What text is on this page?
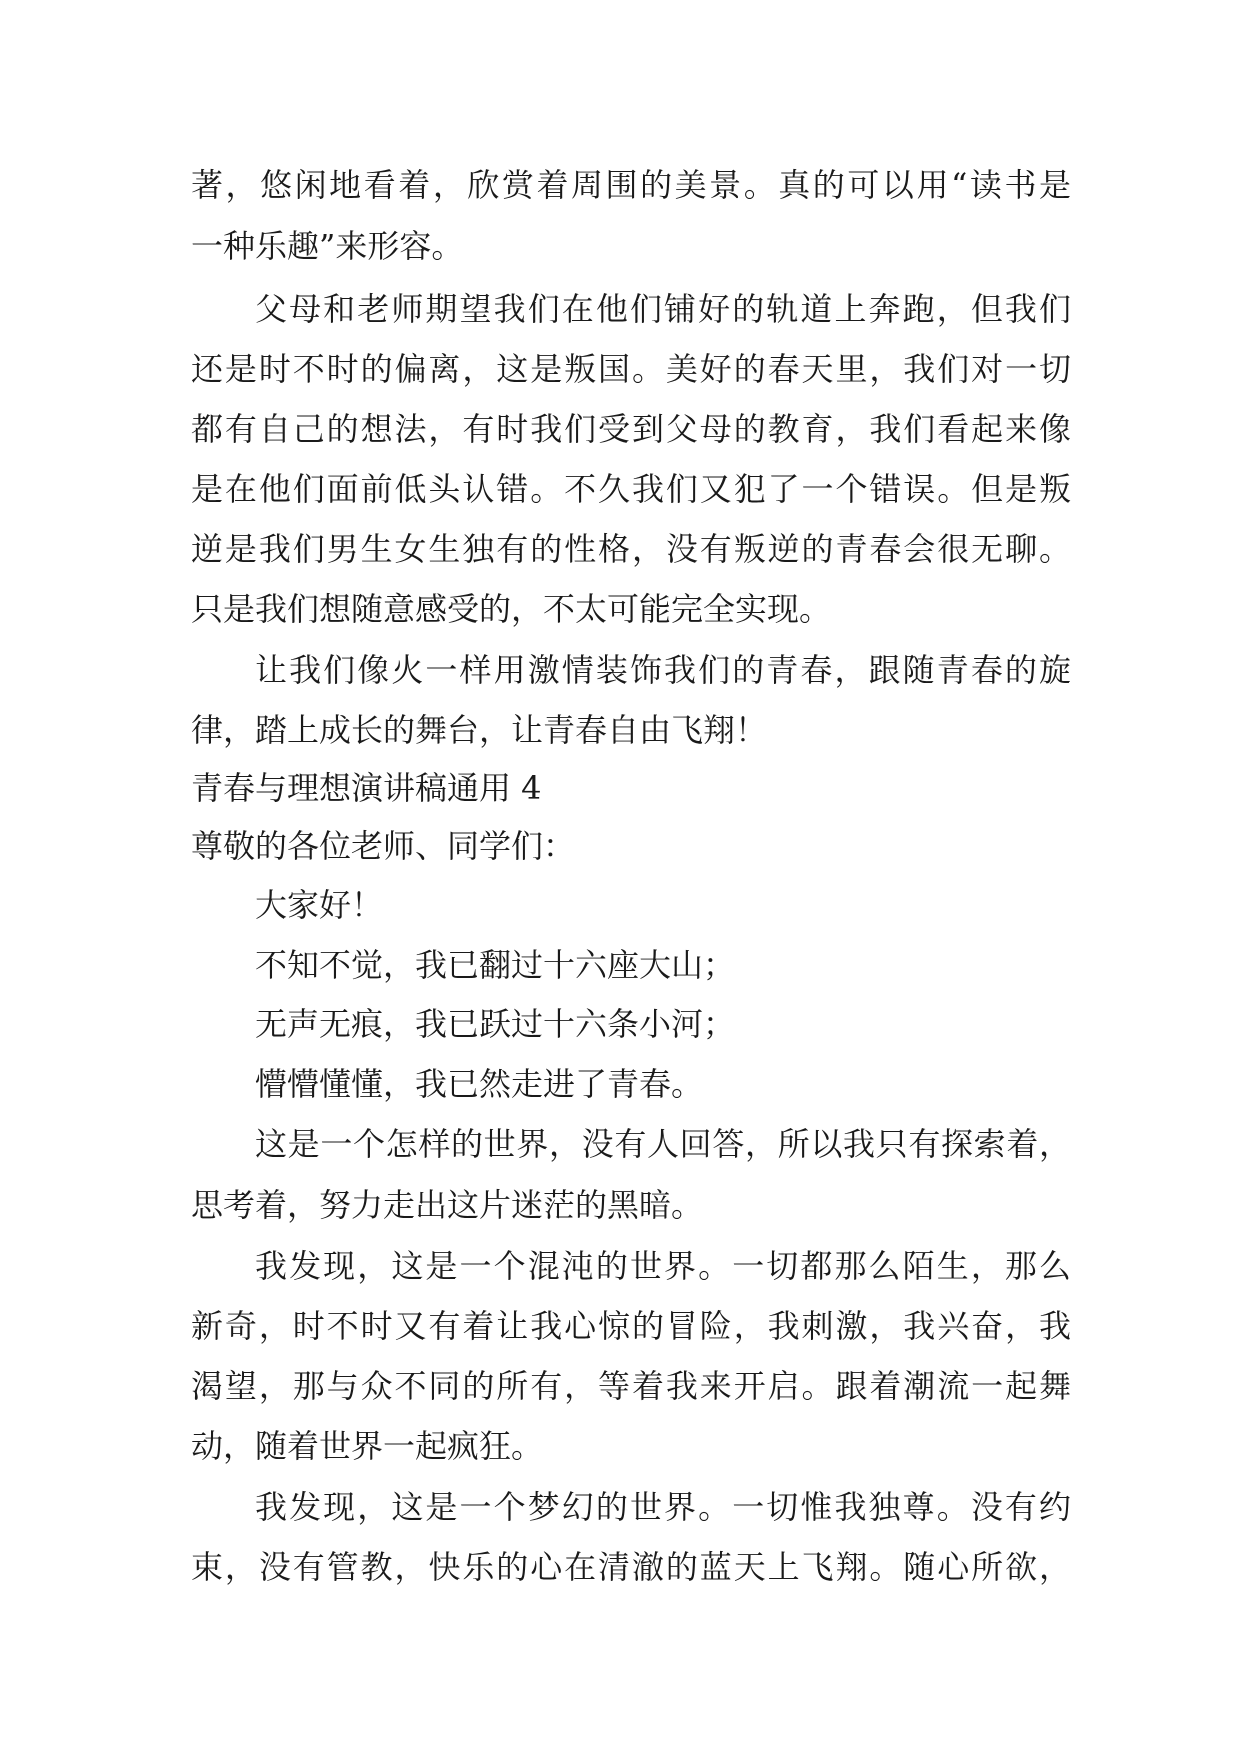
著，悠闲地看着，欣赏着周围的美景。真的可以用“读书是
一种乐趣”来形容。
父母和老师期望我们在他们铺好的轨道上奔跑，但我们
还是时不时的偏离，这是叛国。美好的春天里，我们对一切
都有自己的想法，有时我们受到父母的教育，我们看起来像
是在他们面前低头认错。不久我们又犯了一个错误。但是叛
逆是我们男生女生独有的性格，没有叛逆的青春会很无聊。
只是我们想随意感受的，不太可能完全实现。
让我们像火一样用激情装饰我们的青春，跟随青春的旋
律，踏上成长的舞台，让青春自由飞翔！
青春与理想演讲稿通用 4
尊敬的各位老师、同学们：
大家好！
不知不觉，我已翻过十六座大山；
无声无痕，我已跃过十六条小河；
懵懵懂懂，我已然走进了青春。
这是一个怎样的世界，没有人回答，所以我只有探索着，
思考着，努力走出这片迷茫的黑暗。
我发现，这是一个混沌的世界。一切都那么陌生，那么
新奇，时不时又有着让我心惊的冒险，我刺激，我兴奋，我
渴望，那与众不同的所有，等着我来开启。跟着潮流一起舞
动，随着世界一起疯狂。
我发现，这是一个梦幻的世界。一切惟我独尊。没有约
束，没有管教，快乐的心在清澈的蓝天上飞翔。随心所欲，
